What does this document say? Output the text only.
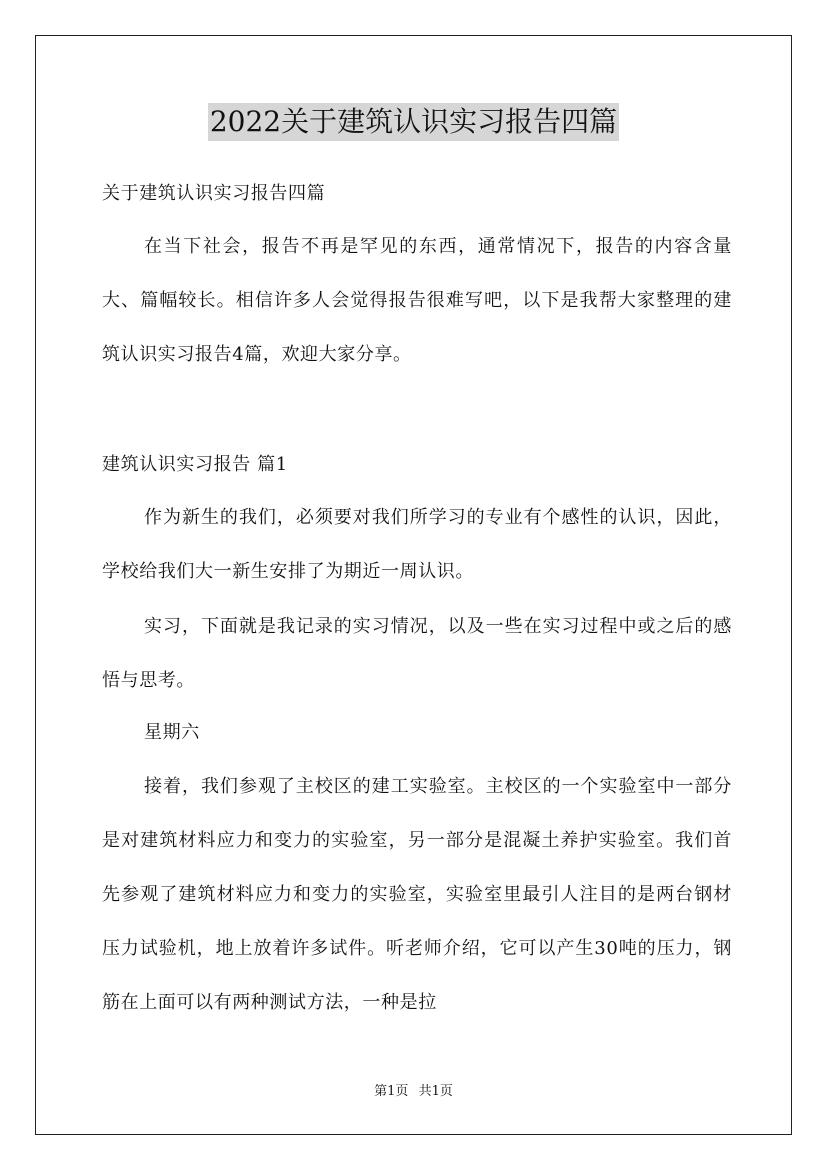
2022关于建筑认识实习报告四篇

关于建筑认识实习报告四篇

在当下社会，报告不再是罕见的东西，通常情况下，报告的内容含量大、篇幅较长。相信许多人会觉得报告很难写吧，以下是我帮大家整理的建筑认识实习报告4篇，欢迎大家分享。

建筑认识实习报告 篇1

作为新生的我们，必须要对我们所学习的专业有个感性的认识，因此，学校给我们大一新生安排了为期近一周认识。

实习，下面就是我记录的实习情况，以及一些在实习过程中或之后的感悟与思考。

星期六

接着，我们参观了主校区的建工实验室。主校区的一个实验室中一部分是对建筑材料应力和变力的实验室，另一部分是混凝土养护实验室。我们首先参观了建筑材料应力和变力的实验室，实验室里最引人注目的是两台钢材压力试验机，地上放着许多试件。听老师介绍，它可以产生30吨的压力，钢筋在上面可以有两种测试方法，一种是拉

第1页 共1页
